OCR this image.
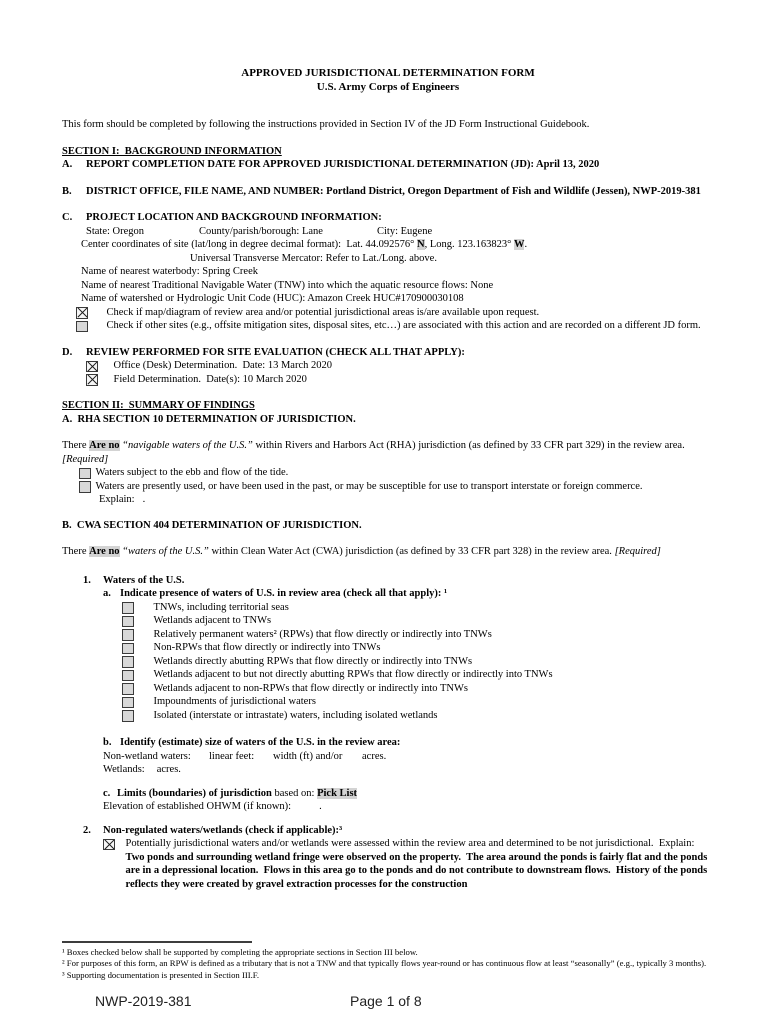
APPROVED JURISDICTIONAL DETERMINATION FORM
U.S. Army Corps of Engineers
This form should be completed by following the instructions provided in Section IV of the JD Form Instructional Guidebook.
SECTION I:  BACKGROUND INFORMATION
A.	REPORT COMPLETION DATE FOR APPROVED JURISDICTIONAL DETERMINATION (JD): April 13, 2020
B.	DISTRICT OFFICE, FILE NAME, AND NUMBER: Portland District, Oregon Department of Fish and Wildlife (Jessen), NWP-2019-381
C.	PROJECT LOCATION AND BACKGROUND INFORMATION:
State: Oregon	County/parish/borough: Lane	City: Eugene
Center coordinates of site (lat/long in degree decimal format):  Lat. 44.092576° N, Long. 123.163823° W.
Universal Transverse Mercator: Refer to Lat./Long. above.
Name of nearest waterbody: Spring Creek
Name of nearest Traditional Navigable Water (TNW) into which the aquatic resource flows: None
Name of watershed or Hydrologic Unit Code (HUC): Amazon Creek HUC#170900030108
Check if map/diagram of review area and/or potential jurisdictional areas is/are available upon request.
Check if other sites (e.g., offsite mitigation sites, disposal sites, etc…) are associated with this action and are recorded on a different JD form.
D.	REVIEW PERFORMED FOR SITE EVALUATION (CHECK ALL THAT APPLY):
Office (Desk) Determination.  Date: 13 March 2020
Field Determination.  Date(s): 10 March 2020
SECTION II:  SUMMARY OF FINDINGS
A.  RHA SECTION 10 DETERMINATION OF JURISDICTION.
There Are no “navigable waters of the U.S.” within Rivers and Harbors Act (RHA) jurisdiction (as defined by 33 CFR part 329) in the review area. [Required]
Waters subject to the ebb and flow of the tide.
Waters are presently used, or have been used in the past, or may be susceptible for use to transport interstate or foreign commerce.
Explain: .
B.  CWA SECTION 404 DETERMINATION OF JURISDICTION.
There Are no “waters of the U.S.” within Clean Water Act (CWA) jurisdiction (as defined by 33 CFR part 328) in the review area. [Required]
1.	Waters of the U.S.
a. Indicate presence of waters of U.S. in review area (check all that apply): ¹
TNWs, including territorial seas
Wetlands adjacent to TNWs
Relatively permanent waters² (RPWs) that flow directly or indirectly into TNWs
Non-RPWs that flow directly or indirectly into TNWs
Wetlands directly abutting RPWs that flow directly or indirectly into TNWs
Wetlands adjacent to but not directly abutting RPWs that flow directly or indirectly into TNWs
Wetlands adjacent to non-RPWs that flow directly or indirectly into TNWs
Impoundments of jurisdictional waters
Isolated (interstate or intrastate) waters, including isolated wetlands
b. Identify (estimate) size of waters of the U.S. in the review area:
Non-wetland waters: linear feet: width (ft) and/or acres.
Wetlands: acres.
c. Limits (boundaries) of jurisdiction based on: Pick List
Elevation of established OHWM (if known):	.
2.	Non-regulated waters/wetlands (check if applicable):³
Potentially jurisdictional waters and/or wetlands were assessed within the review area and determined to be not jurisdictional.  Explain: Two ponds and surrounding wetland fringe were observed on the property.  The area around the ponds is fairly flat and the ponds are in a depressional location.  Flows in this area go to the ponds and do not contribute to downstream flows.  History of the ponds reflects they were created by gravel extraction processes for the construction
¹ Boxes checked below shall be supported by completing the appropriate sections in Section III below.
² For purposes of this form, an RPW is defined as a tributary that is not a TNW and that typically flows year-round or has continuous flow at least “seasonally” (e.g., typically 3 months).
³ Supporting documentation is presented in Section III.F.
NWP-2019-381	Page 1 of 8
